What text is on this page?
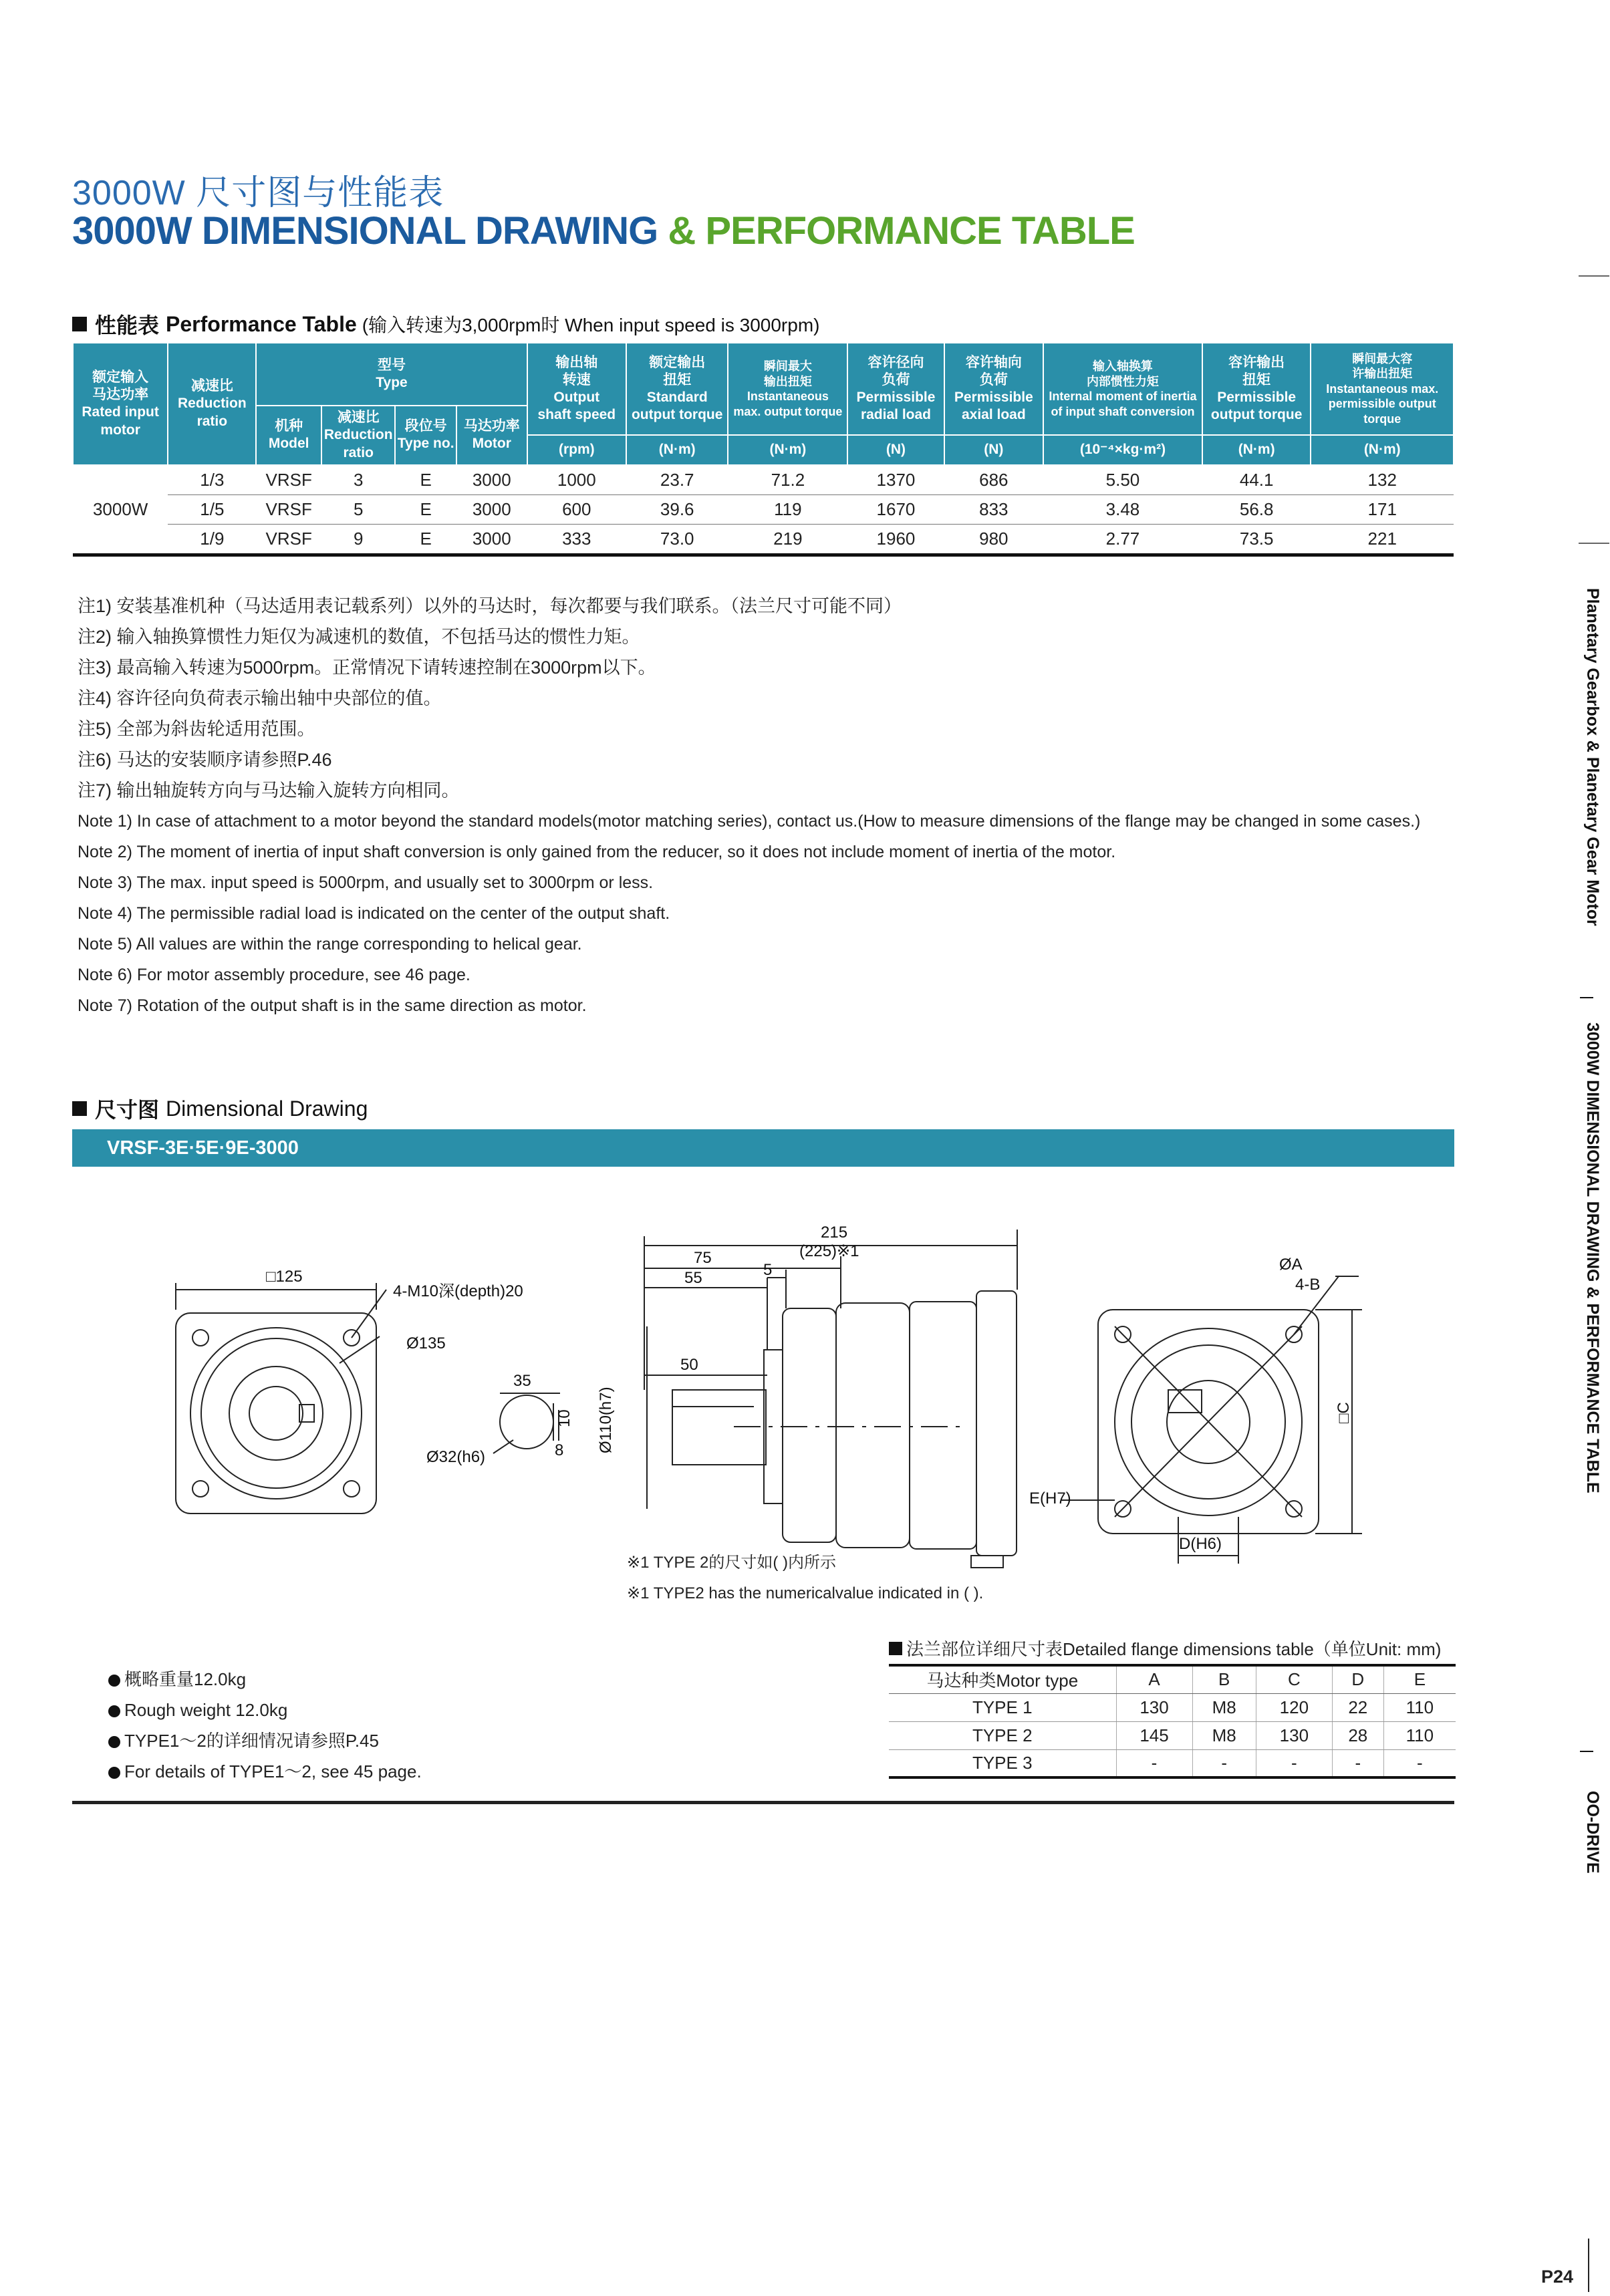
3000W 尺寸图与性能表
3000W DIMENSIONAL DRAWING & PERFORMANCE TABLE
性能表 Performance Table (输入转速为3,000rpm时 When input speed is 3000rpm)
额定输入
马达功率
Rated input
motor	减速比
Reduction
ratio	型号
Type				输出轴
转速
Output
shaft speed	额定输出
扭矩
Standard
output torque	瞬间最大
输出扭矩
Instantaneous
max. output torque	容许径向
负荷
Permissible
radial load	容许轴向
负荷
Permissible
axial load	输入轴换算
内部惯性力矩
Internal moment of inertia
of input shaft conversion	容许输出
扭矩
Permissible
output torque	瞬间最大容
许输出扭矩
Instantaneous max.
permissible output torque
		机种
Model	减速比
Reduction
ratio	段位号
Type no.	马达功率
Motor								
						(rpm)	(N·m)	(N·m)	(N)	(N)	(10⁻⁴×kg·m²)	(N·m)	(N·m)
3000W	1/3	VRSF	3	E	3000	1000	23.7	71.2	1370	686	5.50	44.1	132
	1/5	VRSF	5	E	3000	600	39.6	119	1670	833	3.48	56.8	171
	1/9	VRSF	9	E	3000	333	73.0	219	1960	980	2.77	73.5	221
注1) 安装基准机种（马达适用表记载系列）以外的马达时，每次都要与我们联系。（法兰尺寸可能不同）
注2) 输入轴换算惯性力矩仅为减速机的数值，不包括马达的惯性力矩。
注3) 最高输入转速为5000rpm。正常情况下请转速控制在3000rpm以下。
注4) 容许径向负荷表示输出轴中央部位的值。
注5) 全部为斜齿轮适用范围。
注6) 马达的安装顺序请参照P.46
注7) 输出轴旋转方向与马达输入旋转方向相同。
Note 1) In case of attachment to a motor beyond the standard models(motor matching series), contact us.(How to measure dimensions of the flange may be changed in some cases.)
Note 2) The moment of inertia of input shaft conversion is only gained from the reducer, so it does not include moment of inertia of the motor.
Note 3) The max. input speed is 5000rpm, and usually set to 3000rpm or less.
Note 4) The permissible radial load is indicated on the center of the output shaft.
Note 5) All values are within the range corresponding to helical gear.
Note 6) For motor assembly procedure, see 46 page.
Note 7) Rotation of the output shaft is in the same direction as motor.
尺寸图 Dimensional Drawing
VRSF-3E·5E·9E-3000
□125
4-M10深(depth)20
Ø135
35
Ø32(h6)
10
8 Ø110(h7)
215
(225)※1
75
55	5
50
E(H7)
ØA
4-B
□C
D(H6)
※1 TYPE 2的尺寸如( )内所示
※1 TYPE2 has the numericalvalue indicated in ( ).
概略重量12.0kg
Rough weight 12.0kg
TYPE1～2的详细情况请参照P.45
For details of TYPE1～2, see 45 page.
法兰部位详细尺寸表Detailed flange dimensions table（单位Unit: mm)
马达种类Motor type	A	B	C	D	E
TYPE 1	130	M8	120	22	110
TYPE 2	145	M8	130	28	110
TYPE 3	-	-	-	-	-
Planetary Gearbox & Planetary Gear Motor
3000W DIMENSIONAL DRAWING & PERFORMANCE TABLE
OO-DRIVE
P24
